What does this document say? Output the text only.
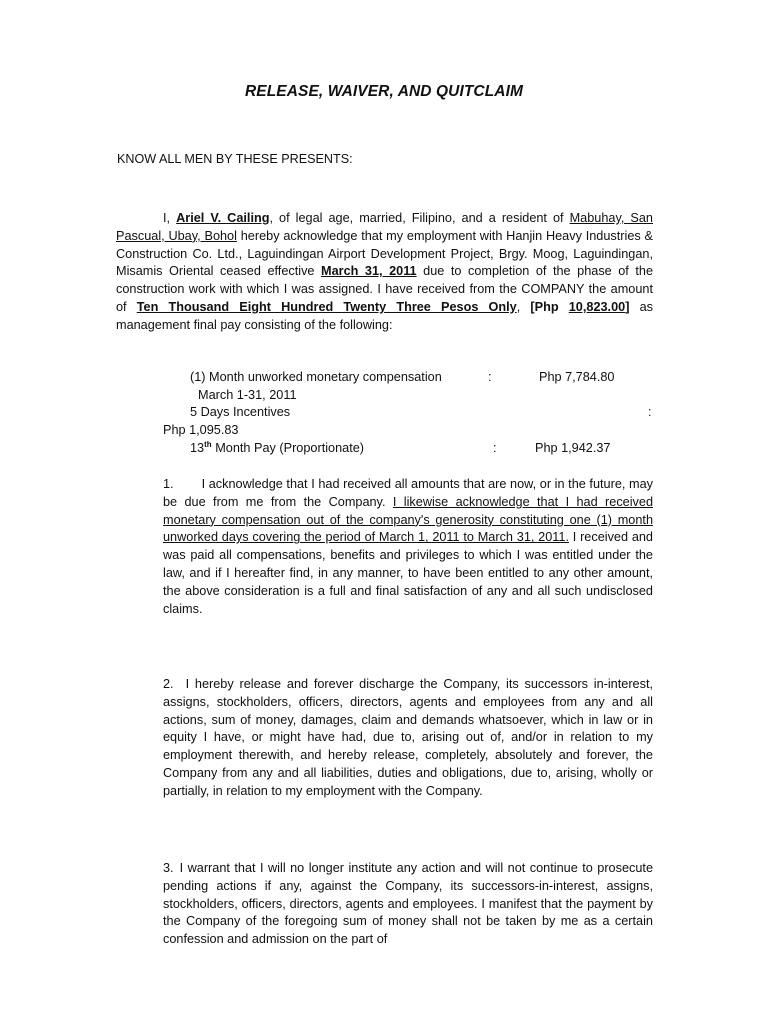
RELEASE, WAIVER, AND QUITCLAIM
KNOW ALL MEN BY THESE PRESENTS:
I, Ariel V. Cailing, of legal age, married, Filipino, and a resident of Mabuhay, San Pascual, Ubay, Bohol hereby acknowledge that my employment with Hanjin Heavy Industries & Construction Co. Ltd., Laguindingan Airport Development Project, Brgy. Moog, Laguindingan, Misamis Oriental ceased effective March 31, 2011 due to completion of the phase of the construction work with which I was assigned. I have received from the COMPANY the amount of Ten Thousand Eight Hundred Twenty Three Pesos Only, [Php 10,823.00] as management final pay consisting of the following:
(1) Month unworked monetary compensation	:	Php 7,784.80
March 1-31, 2011
5 Days Incentives	:
Php 1,095.83
13th Month Pay (Proportionate)	:	Php 1,942.37
1. I acknowledge that I had received all amounts that are now, or in the future, may be due from me from the Company. I likewise acknowledge that I had received monetary compensation out of the company's generosity constituting one (1) month unworked days covering the period of March 1, 2011 to March 31, 2011. I received and was paid all compensations, benefits and privileges to which I was entitled under the law, and if I hereafter find, in any manner, to have been entitled to any other amount, the above consideration is a full and final satisfaction of any and all such undisclosed claims.
2. I hereby release and forever discharge the Company, its successors in-interest, assigns, stockholders, officers, directors, agents and employees from any and all actions, sum of money, damages, claim and demands whatsoever, which in law or in equity I have, or might have had, due to, arising out of, and/or in relation to my employment therewith, and hereby release, completely, absolutely and forever, the Company from any and all liabilities, duties and obligations, due to, arising, wholly or partially, in relation to my employment with the Company.
3. I warrant that I will no longer institute any action and will not continue to prosecute pending actions if any, against the Company, its successors-in-interest, assigns, stockholders, officers, directors, agents and employees. I manifest that the payment by the Company of the foregoing sum of money shall not be taken by me as a certain confession and admission on the part of
